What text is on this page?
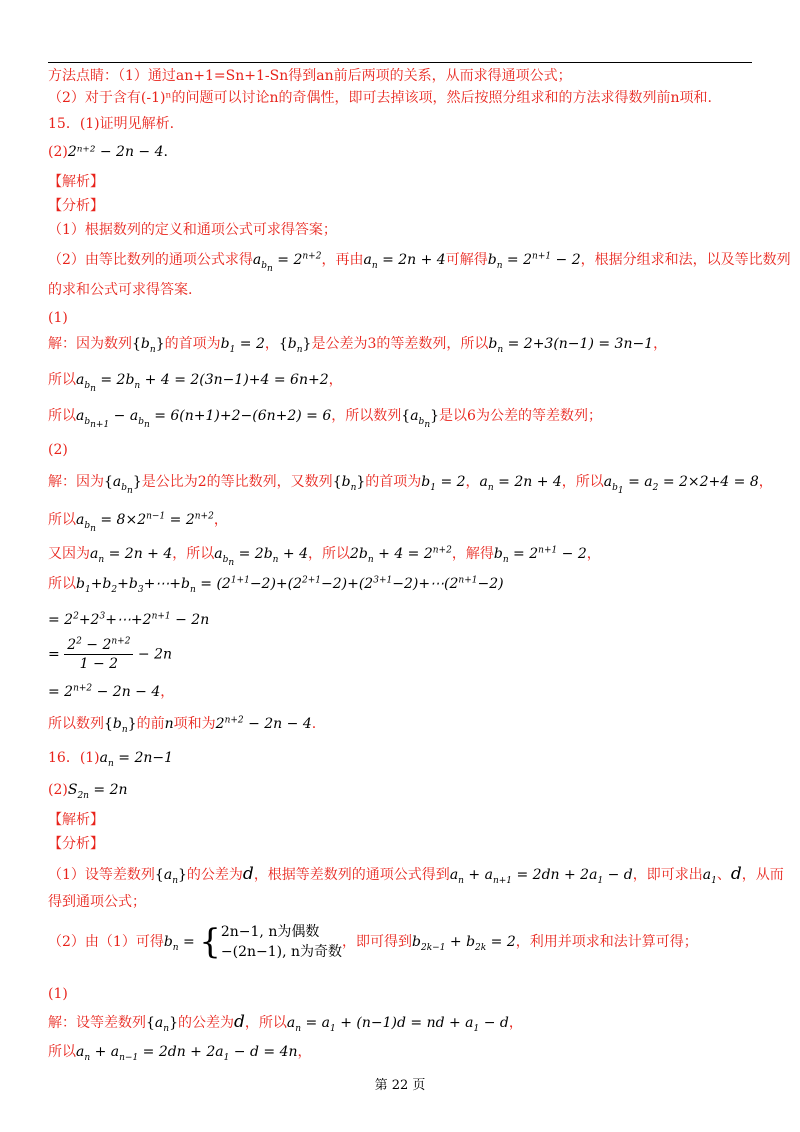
方法点睛：（1）通过an+1=Sn+1-Sn得到an前后两项的关系，从而求得通项公式；
（2）对于含有(-1)ⁿ的问题可以讨论n的奇偶性，即可去掉该项，然后按照分组求和的方法求得数列前n项和.
15．(1)证明见解析.
(2)2ⁿ⁺² − 2n − 4.
【解析】
【分析】
（1）根据数列的定义和通项公式可求得答案；
（2）由等比数列的通项公式求得$a_{b_n} = 2^{n+2}$，再由$a_n = 2n + 4$可解得$b_n = 2^{n+1} - 2$，根据分组求和法，以及等比数列
的求和公式可求得答案.
(1)
解：因为数列$\{b_n\}$的首项为$b_1 = 2$，$\{b_n\}$是公差为3的等差数列，所以$b_n = 2+3(n-1) = 3n-1$，
所以$a_{b_n} = 2b_n + 4 = 2(3n-1)+4 = 6n+2$，
所以$a_{b_{n+1}} - a_{b_n} = 6(n+1)+2-(6n+2) = 6$，所以数列$\{a_{b_n}\}$是以6为公差的等差数列；
(2)
解：因为$\{a_{b_n}\}$是公比为2的等比数列，又数列$\{b_n\}$的首项为$b_1 = 2$，$a_n = 2n + 4$，所以$a_{b_1} = a_2 = 2\times 2+4 = 8$，
所以$a_{b_n} = 8\times 2^{n-1} = 2^{n+2}$，
又因为$a_n = 2n + 4$，所以$a_{b_n} = 2b_n + 4$，所以$2b_n + 4 = 2^{n+2}$，解得$b_n = 2^{n+1} - 2$，
所以$b_1+b_2+b_3+\cdots+b_n$ = $(2^{1+1}-2)+(2^{2+1}-2)+(2^{3+1}-2)+\cdots(2^{n+1}-2)$
= $2^2+2^3+\cdots+2^{n+1} - 2n$
= $\frac{2^2 - 2^{n+2}}{1 - 2} - 2n$
= $2^{n+2} - 2n - 4$，
所以数列$\{b_n\}$的前n项和为$2^{n+2} - 2n - 4$.
16．$(1)a_n = 2n-1$
$(2)S_{2n} = 2n$
【解析】
【分析】
（1）设等差数列$\{a_n\}$的公差为d，根据等差数列的通项公式得到$a_n + a_{n+1} = 2dn + 2a_1 - d$，即可求出$a_1$、d，从而
得到通项公式；
（2）由（1）可得$b_n$ = { 2n−1, n为偶数
−(2n−1), n为奇数
，即可得到$b_{2k-1} + b_{2k} = 2$，利用并项求和法计算可得；
(1)
解：设等差数列$\{a_n\}$的公差为d，所以$a_n = a_1 + (n-1)d$ = nd + $a_1 - d$，
所以$a_n + a_{n-1} = 2dn + 2a_1 - d = 4n$，
第 22 页
